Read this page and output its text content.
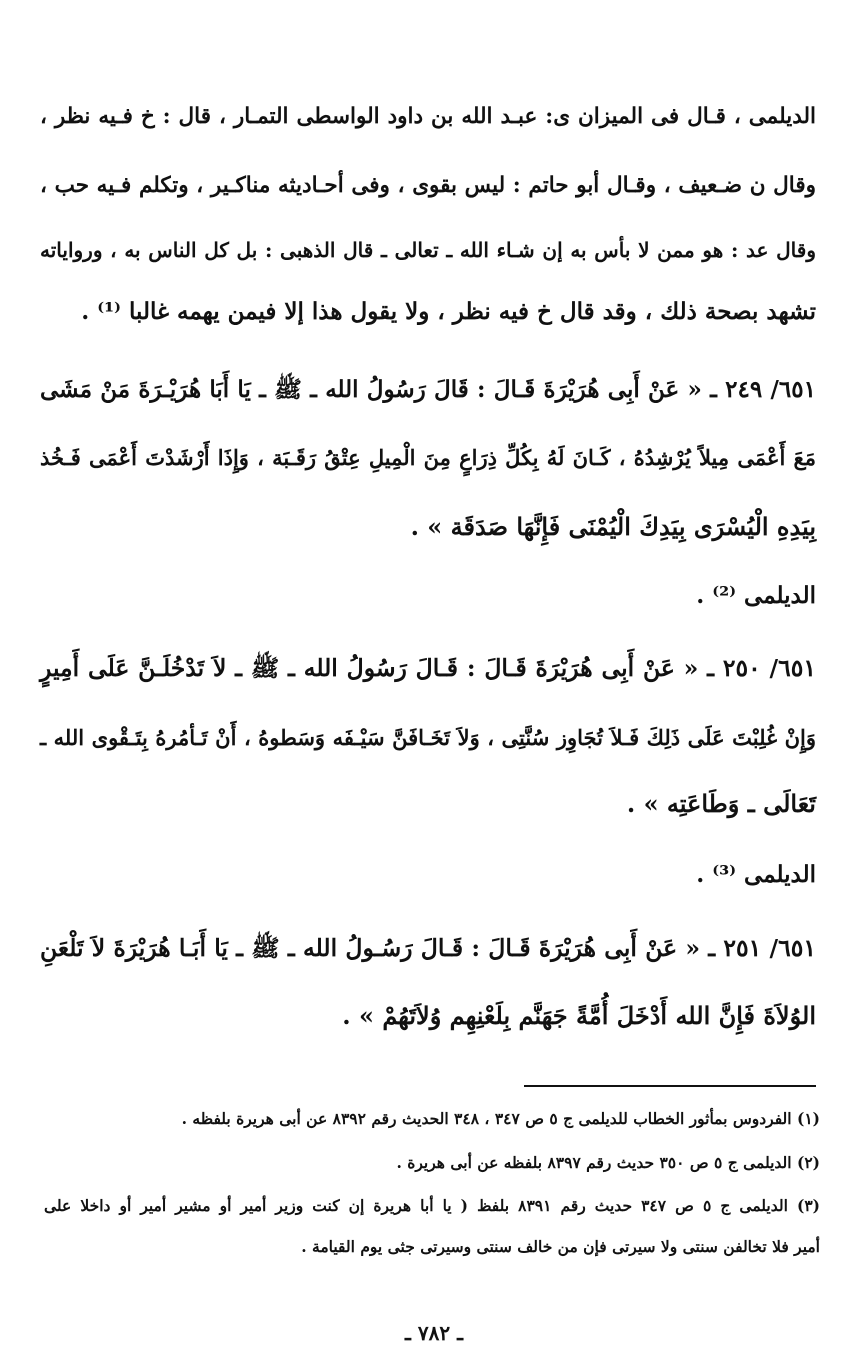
الديلمى ، قـال فى الميزان ى: عبـد الله بن داود الواسطى التمـار ، قال : خ فـيه نظر ،
وقال ن ضـعيف ، وقـال أبو حاتم : ليس بقوى ، وفى أحـاديثه مناكـير ، وتكلم فـيه حب ،
وقال عد : هو ممن لا بأس به إن شـاء الله ـ تعالى ـ قال الذهبى : بل كل الناس به ، ورواياته
تشهد بصحة ذلك ، وقد قال خ فيه نظر ، ولا يقول هذا إلا فيمن يهمه غالبا ⁽¹⁾ .
٦٥١/ ٢٤٩ ـ « عَنْ أَبِى هُرَيْرَةَ قَـالَ : قَالَ رَسُولُ الله ـ ﷺ ـ يَا أَبَا هُرَيْـرَةَ مَنْ مَشَى
مَعَ أَعْمَى مِيلاً يُرْشِدُهُ ، كَـانَ لَهُ بِكُلِّ ذِرَاعٍ مِنَ الْمِيلِ عِتْقُ رَقَـبَة ، وَإِذَا أَرْشَدْتَ أَعْمَى فَـخُذ
بِيَدِهِ الْيُسْرَى بِيَدِكَ الْيُمْنَى فَإِنَّهَا صَدَقَة » .
الديلمى ⁽²⁾ .
٦٥١/ ٢٥٠ ـ « عَنْ أَبِى هُرَيْرَةَ قَـالَ : قَـالَ رَسُولُ الله ـ ﷺ ـ لاَ تَدْخُلَـنَّ عَلَى أَمِيرٍ
وَإِنْ غُلِبْتَ عَلَى ذَلِكَ فَـلاَ تُجَاوِز سُنَّتِى ، وَلاَ تَخَـافَنَّ سَيْـفَه وَسَطوهُ ، أَنْ تَـأمُرهُ بِتَـقْوى الله ـ
تَعَالَى ـ وَطَاعَتِه » .
الديلمى ⁽³⁾ .
٦٥١/ ٢٥١ ـ « عَنْ أَبِى هُرَيْرَةَ قَـالَ : قَـالَ رَسُـولُ الله ـ ﷺ ـ يَا أَبَـا هُرَيْرَةَ لاَ تَلْعَنِ
الوُلاَةَ فَإِنَّ الله أَدْخَلَ أُمَّةً جَهَنَّم بِلَعْنِهِم وُلاَتَهُمْ » .
(١) الفردوس بمأثور الخطاب للديلمى ج ٥ ص ٣٤٧ ، ٣٤٨ الحديث رقم ٨٣٩٢ عن أبى هريرة بلفظه .
(٢) الديلمى ج ٥ ص ٣٥٠ حديث رقم ٨٣٩٧ بلفظه عن أبى هريرة .
(٣) الديلمى ج ٥ ص ٣٤٧ حديث رقم ٨٣٩١ بلفظ ( يا أبا هريرة إن كنت وزير أمير أو مشير أمير أو داخلا على
أمير فلا تخالفن سنتى ولا سيرتى فإن من خالف سنتى وسيرتى جثى يوم القيامة .
ـ ٧٨٢ ـ
